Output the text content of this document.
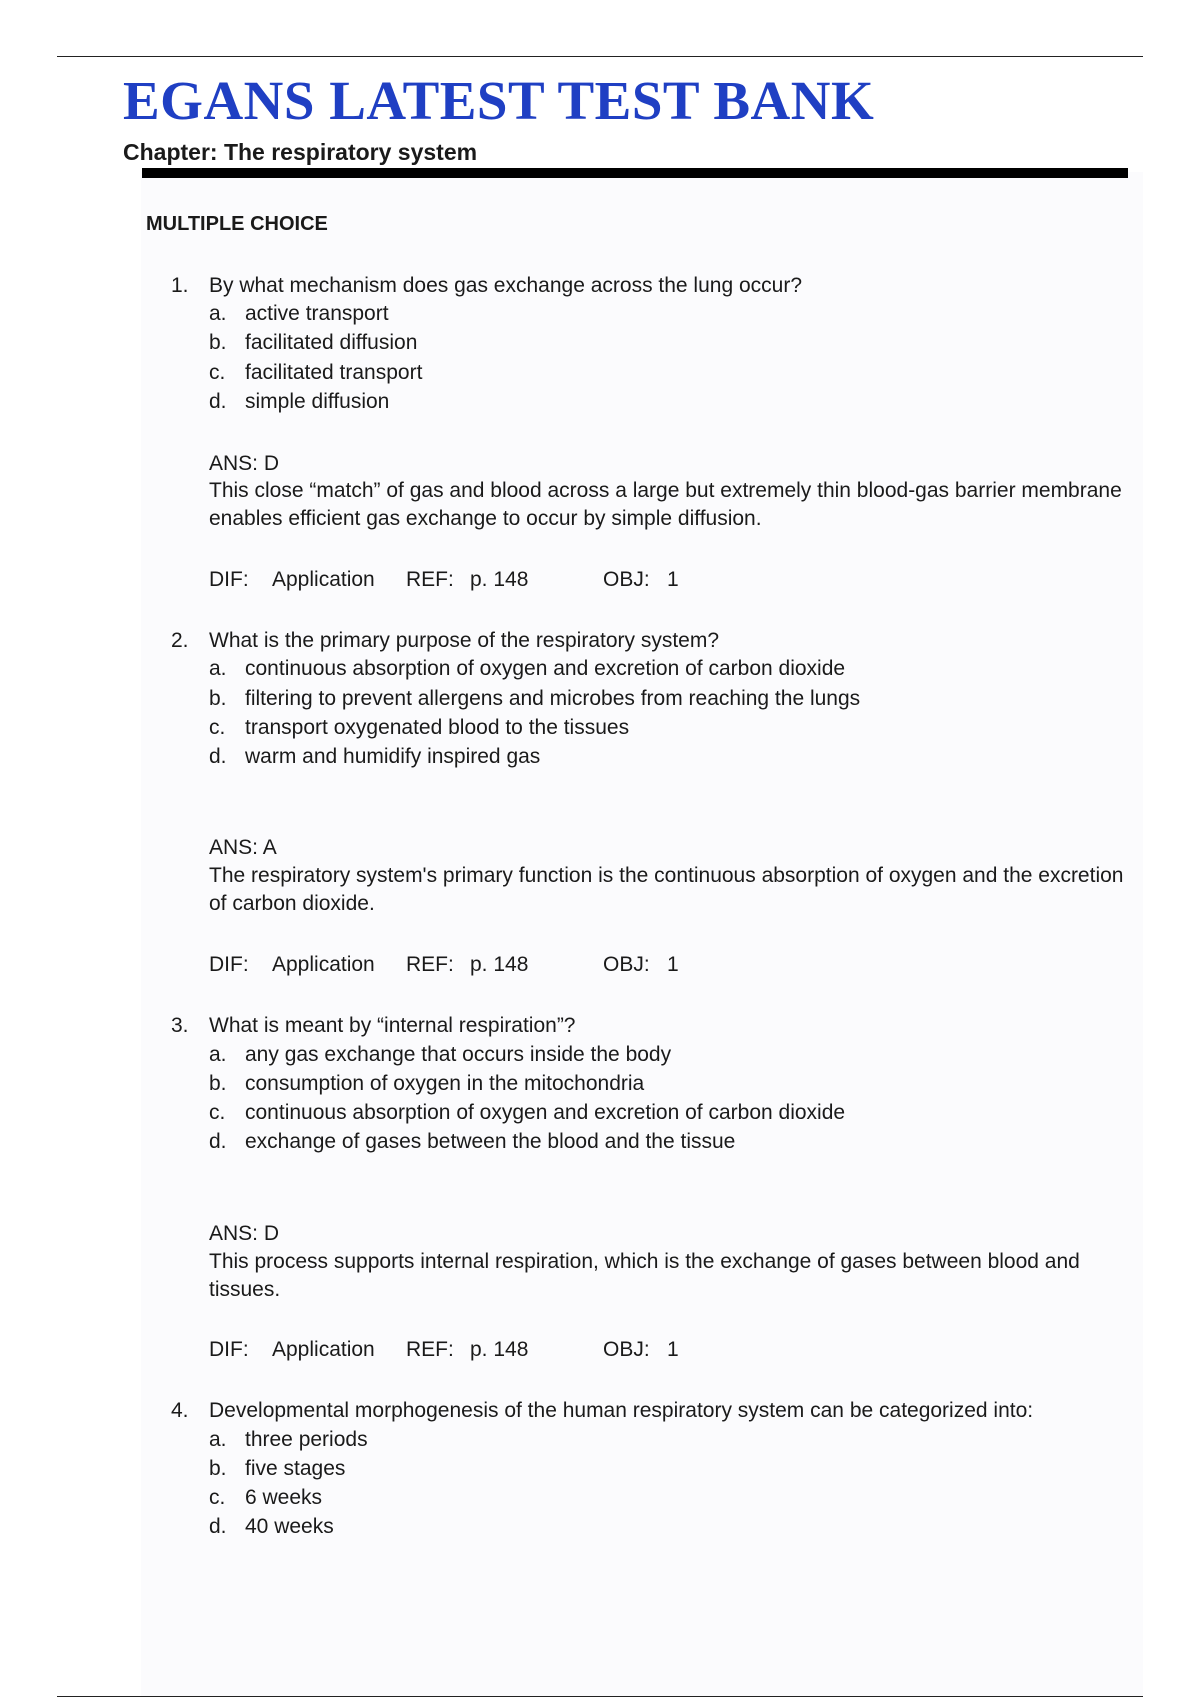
EGANS LATEST TEST BANK
Chapter: The respiratory system
MULTIPLE CHOICE
1. By what mechanism does gas exchange across the lung occur?
a. active transport
b. facilitated diffusion
c. facilitated transport
d. simple diffusion
ANS: D
This close “match” of gas and blood across a large but extremely thin blood-gas barrier membrane enables efficient gas exchange to occur by simple diffusion.
DIF: Application REF: p. 148	OBJ: 1
2. What is the primary purpose of the respiratory system?
a. continuous absorption of oxygen and excretion of carbon dioxide
b. filtering to prevent allergens and microbes from reaching the lungs
c. transport oxygenated blood to the tissues
d. warm and humidify inspired gas
ANS: A
The respiratory system's primary function is the continuous absorption of oxygen and the excretion of carbon dioxide.
DIF: Application REF: p. 148	OBJ: 1
3. What is meant by “internal respiration”?
a. any gas exchange that occurs inside the body
b. consumption of oxygen in the mitochondria
c. continuous absorption of oxygen and excretion of carbon dioxide
d. exchange of gases between the blood and the tissue
ANS: D
This process supports internal respiration, which is the exchange of gases between blood and tissues.
DIF: Application REF: p. 148	OBJ: 1
4. Developmental morphogenesis of the human respiratory system can be categorized into:
a. three periods
b. five stages
c. 6 weeks
d. 40 weeks
